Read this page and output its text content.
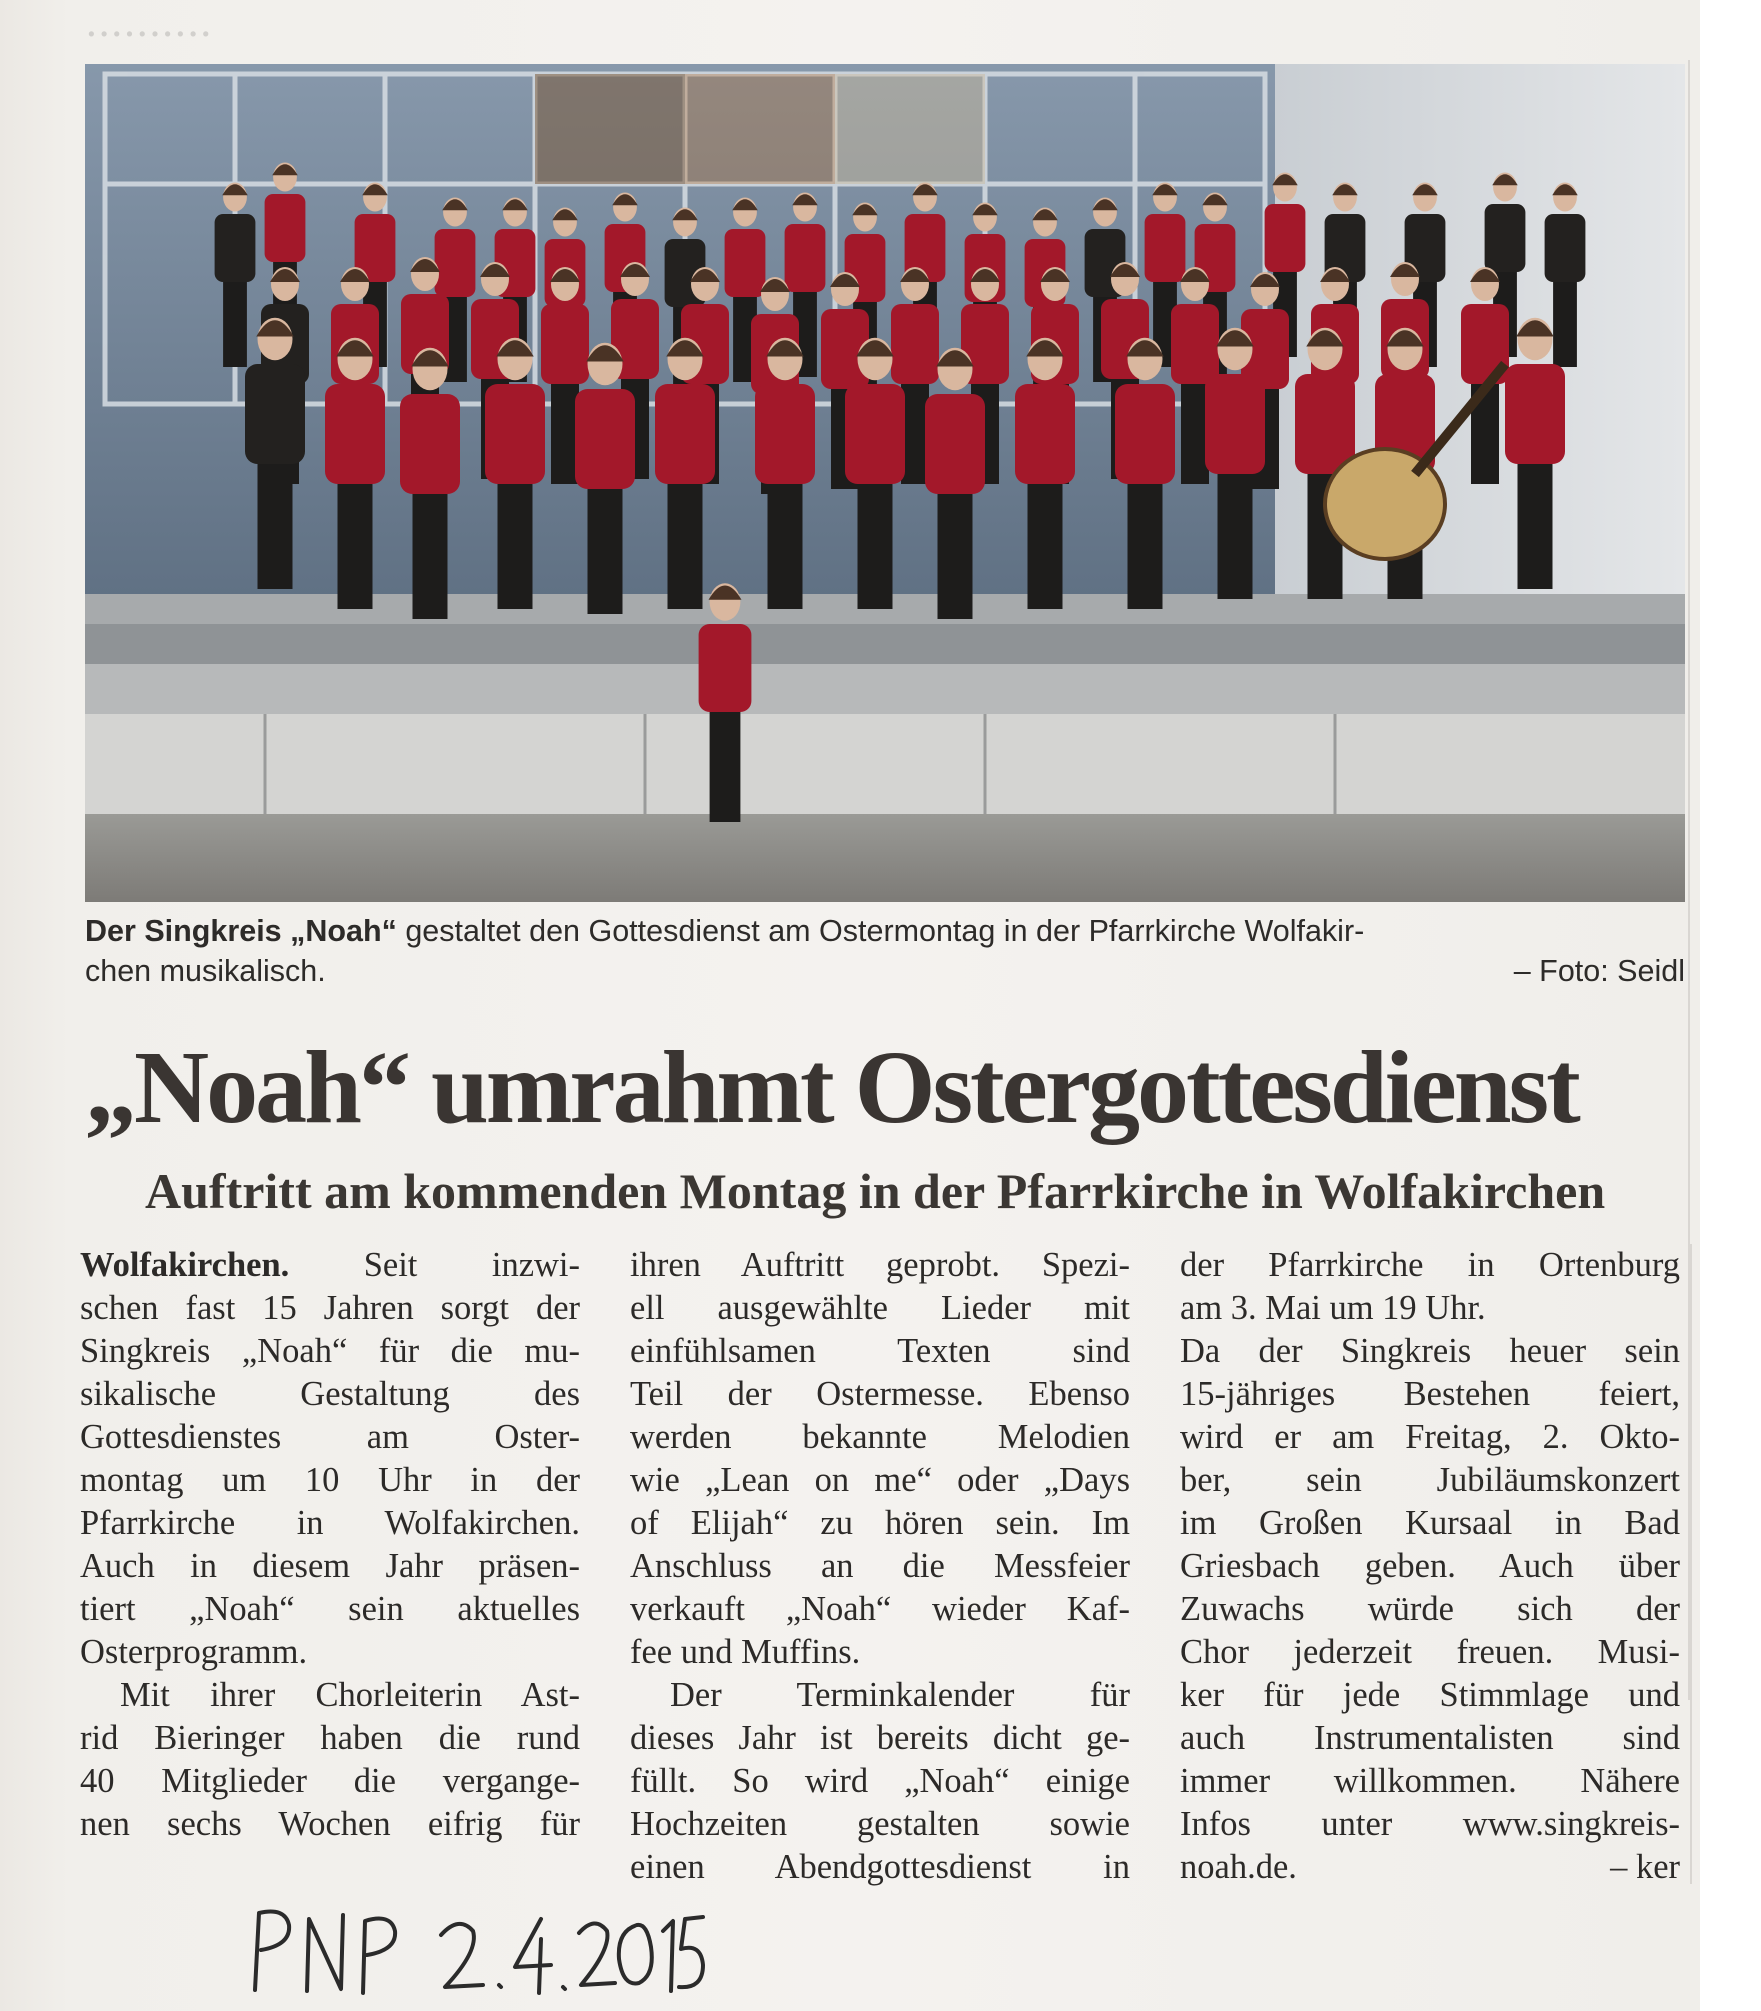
..........
Der Singkreis „Noah“ gestaltet den Gottesdienst am Ostermontag in der Pfarrkirche Wolfakir-
chen musikalisch.	– Foto: Seidl
„Noah“ umrahmt Ostergottesdienst
Auftritt am kommenden Montag in der Pfarrkirche in Wolfakirchen
Wolfakirchen. Seit inzwi-
schen fast 15 Jahren sorgt der
Singkreis „Noah“ für die mu-
sikalische Gestaltung des
Gottesdienstes am Oster-
montag um 10 Uhr in der
Pfarrkirche in Wolfakirchen.
Auch in diesem Jahr präsen-
tiert „Noah“ sein aktuelles
Osterprogramm.
Mit ihrer Chorleiterin Ast-
rid Bieringer haben die rund
40 Mitglieder die vergange-
nen sechs Wochen eifrig für
ihren Auftritt geprobt. Spezi-
ell ausgewählte Lieder mit
einfühlsamen Texten sind
Teil der Ostermesse. Ebenso
werden bekannte Melodien
wie „Lean on me“ oder „Days
of Elijah“ zu hören sein. Im
Anschluss an die Messfeier
verkauft „Noah“ wieder Kaf-
fee und Muffins.
Der Terminkalender für
dieses Jahr ist bereits dicht ge-
füllt. So wird „Noah“ einige
Hochzeiten gestalten sowie
einen Abendgottesdienst in
der Pfarrkirche in Ortenburg
am 3. Mai um 19 Uhr.
Da der Singkreis heuer sein
15-jähriges Bestehen feiert,
wird er am Freitag, 2. Okto-
ber, sein Jubiläumskonzert
im Großen Kursaal in Bad
Griesbach geben. Auch über
Zuwachs würde sich der
Chor jederzeit freuen. Musi-
ker für jede Stimmlage und
auch Instrumentalisten sind
immer willkommen. Nähere
Infos unter www.singkreis-
noah.de.	– ker
